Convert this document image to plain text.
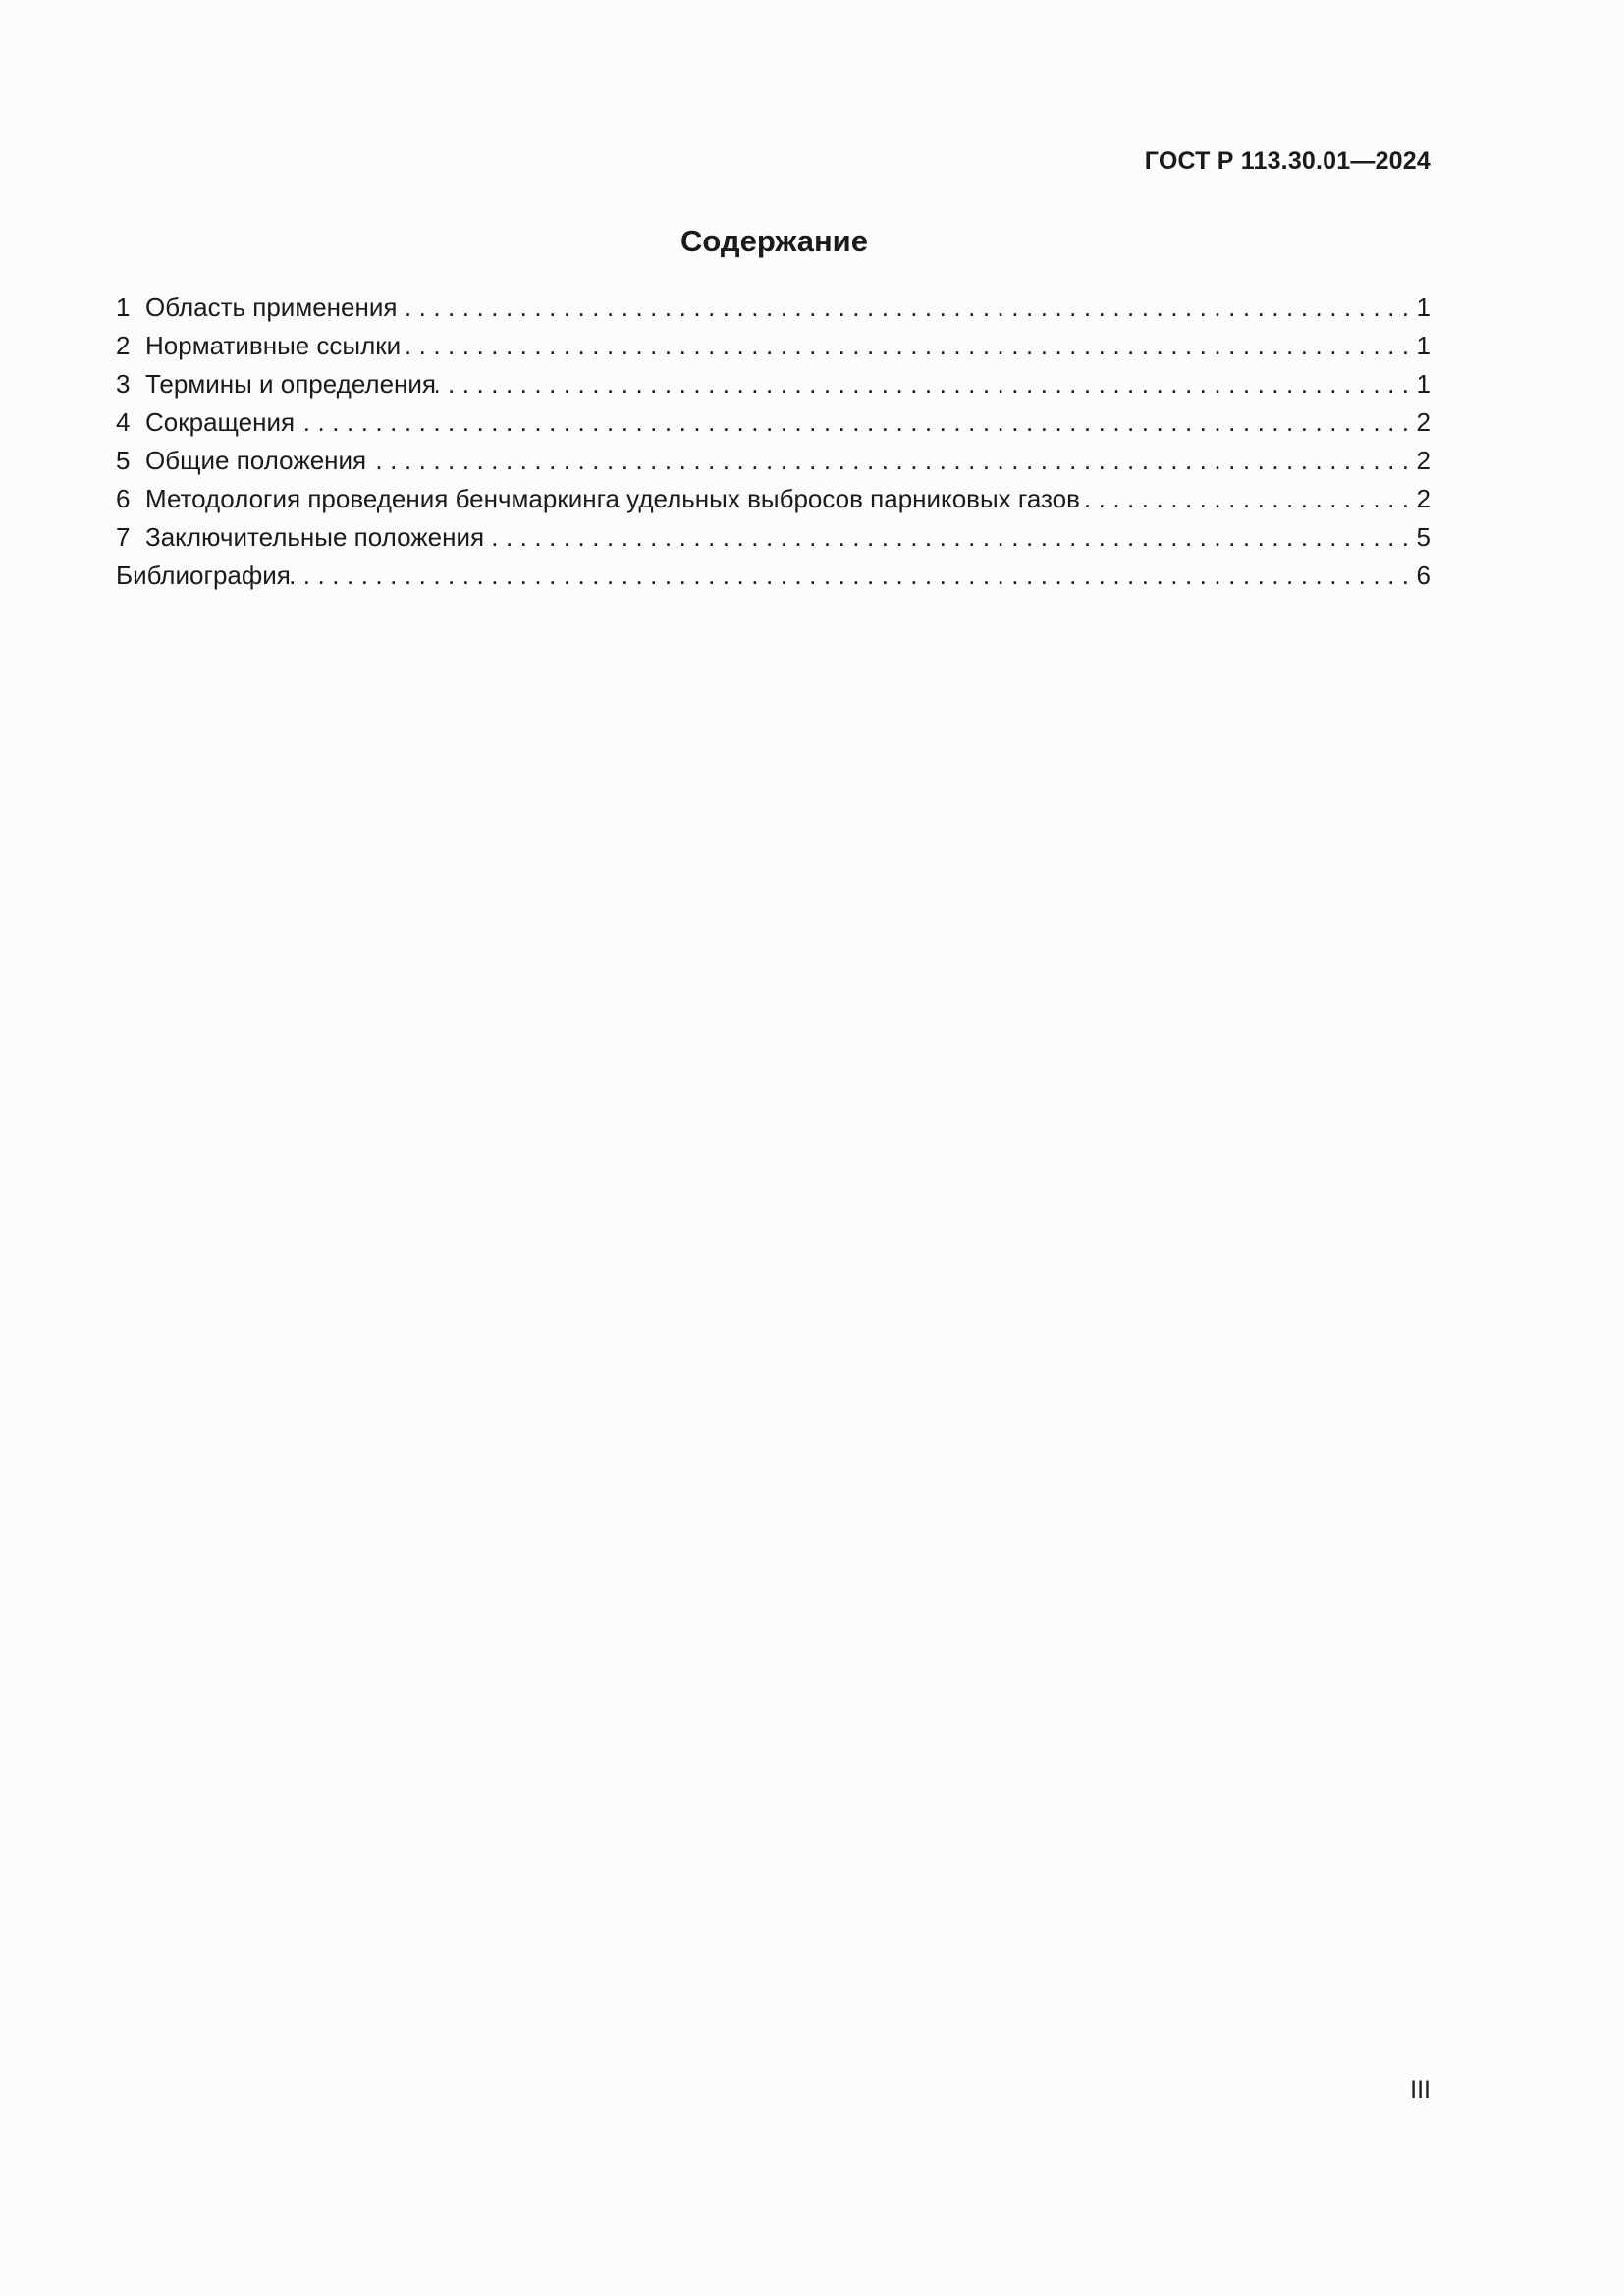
ГОСТ Р 113.30.01—2024
Содержание
1 Область применения .....	1
2 Нормативные ссылки .....	1
3 Термины и определения .....	1
4 Сокращения .....	2
5 Общие положения .....	2
6 Методология проведения бенчмаркинга удельных выбросов парниковых газов .....	2
7 Заключительные положения .....	5
Библиография .....	6
III
